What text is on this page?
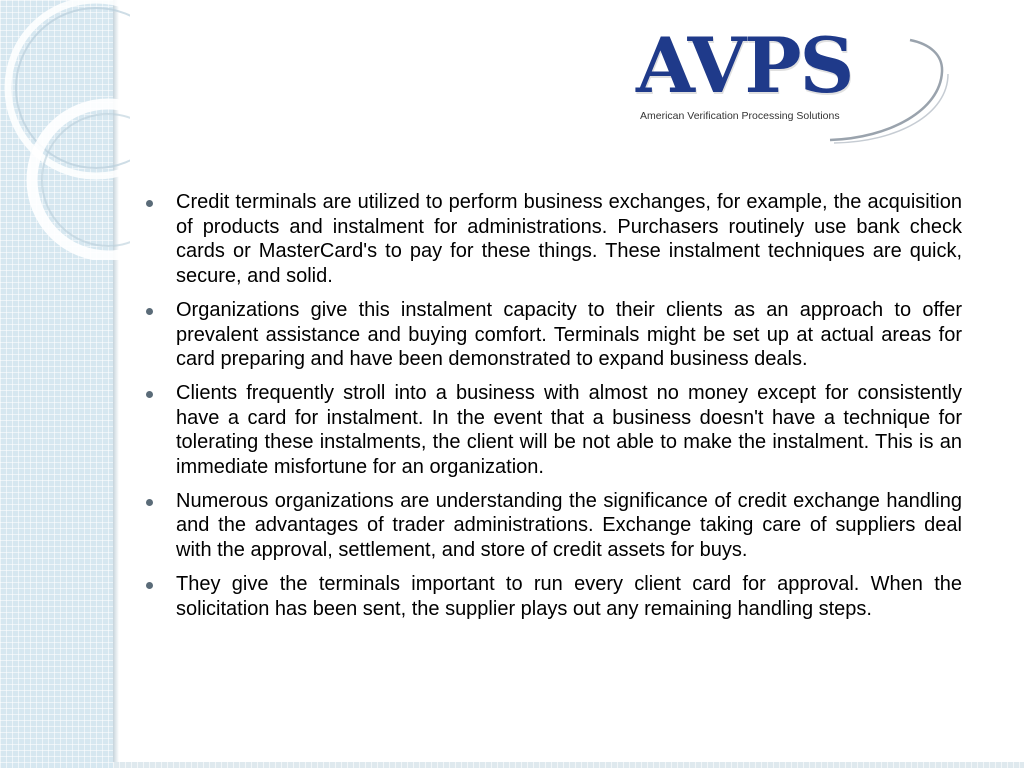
AVPS
American Verification Processing Solutions
Credit terminals are utilized to perform business exchanges, for example, the acquisition of products and instalment for administrations. Purchasers routinely use bank check cards or MasterCard's to pay for these things. These instalment techniques are quick, secure, and solid.
Organizations give this instalment capacity to their clients as an approach to offer prevalent assistance and buying comfort. Terminals might be set up at actual areas for card preparing and have been demonstrated to expand business deals.
Clients frequently stroll into a business with almost no money except for consistently have a card for instalment. In the event that a business doesn't have a technique for tolerating these instalments, the client will be not able to make the instalment. This is an immediate misfortune for an organization.
Numerous organizations are understanding the significance of credit exchange handling and the advantages of trader administrations. Exchange taking care of suppliers deal with the approval, settlement, and store of credit assets for buys.
They give the terminals important to run every client card for approval. When the solicitation has been sent, the supplier plays out any remaining handling steps.
